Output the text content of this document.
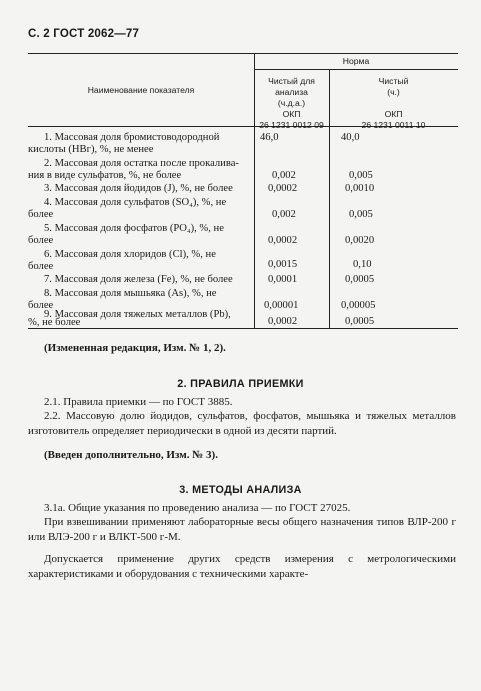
С. 2 ГОСТ 2062—77
Наименование показателя
Норма
Чистый для
анализа
(ч.д.а.)
ОКП
26 1231 0012 09
Чистый
(ч.)
ОКП
26 1231 0011 10
1. Массовая доля бромистоводородной
кислоты (НВг), %, не менее
46,0	40,0
2. Массовая доля остатка после прокалива-
ния в виде сульфатов, %, не более	0,002	0,005
3. Массовая доля йодидов (J), %, не более	0,0002	0,0010
4. Массовая доля сульфатов (SO₄), %, не
более	0,002	0,005
5. Массовая доля фосфатов (PO₄), %, не
более	0,0002	0,0020
6. Массовая доля хлоридов (Cl), %, не
более	0,0015	0,10
7. Массовая доля железа (Fe), %, не более	0,0001	0,0005
8. Массовая доля мышьяка (As), %, не
более	0,00001	0,00005
9. Массовая доля тяжелых металлов (Pb),
%, не более	0,0002	0,0005
(Измененная редакция, Изм. № 1, 2).
2. ПРАВИЛА ПРИЕМКИ
2.1. Правила приемки — по ГОСТ 3885.
2.2. Массовую долю йодидов, сульфатов, фосфатов, мышьяка и тяжелых металлов изготовитель определяет периодически в одной из десяти партий.
(Введен дополнительно, Изм. № 3).
3. МЕТОДЫ АНАЛИЗА
3.1а. Общие указания по проведению анализа — по ГОСТ 27025.
При взвешивании применяют лабораторные весы общего назначения типов ВЛР-200 г или ВЛЭ-200 г и ВЛКТ-500 г-М.
Допускается применение других средств измерения с метрологическими характеристиками и оборудования с техническими характе-
